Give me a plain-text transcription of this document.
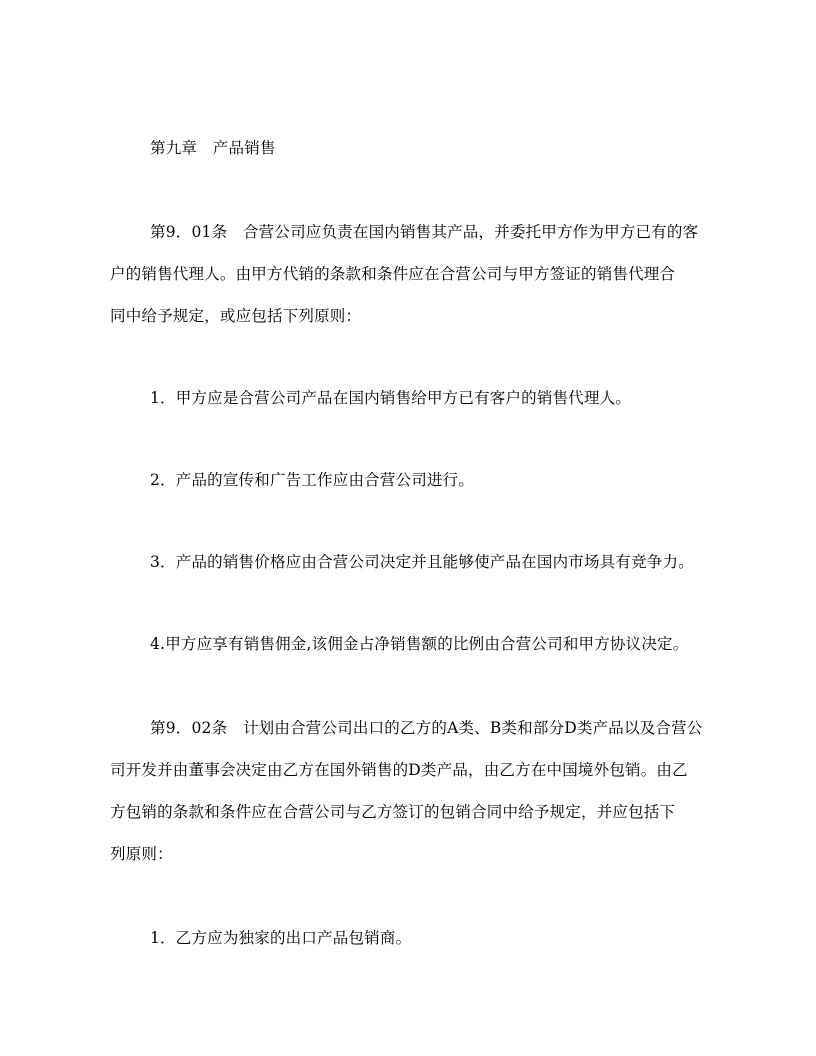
第九章　产品销售
第9．01条　合营公司应负责在国内销售其产品，并委托甲方作为甲方已有的客
户的销售代理人。由甲方代销的条款和条件应在合营公司与甲方签证的销售代理合
同中给予规定，或应包括下列原则：
1．甲方应是合营公司产品在国内销售给甲方已有客户的销售代理人。
2．产品的宣传和广告工作应由合营公司进行。
3．产品的销售价格应由合营公司决定并且能够使产品在国内市场具有竞争力。
4.甲方应享有销售佣金,该佣金占净销售额的比例由合营公司和甲方协议决定。
第9．02条　计划由合营公司出口的乙方的A类、B类和部分D类产品以及合营公
司开发并由董事会决定由乙方在国外销售的D类产品，由乙方在中国境外包销。由乙
方包销的条款和条件应在合营公司与乙方签订的包销合同中给予规定，并应包括下
列原则：
1．乙方应为独家的出口产品包销商。
